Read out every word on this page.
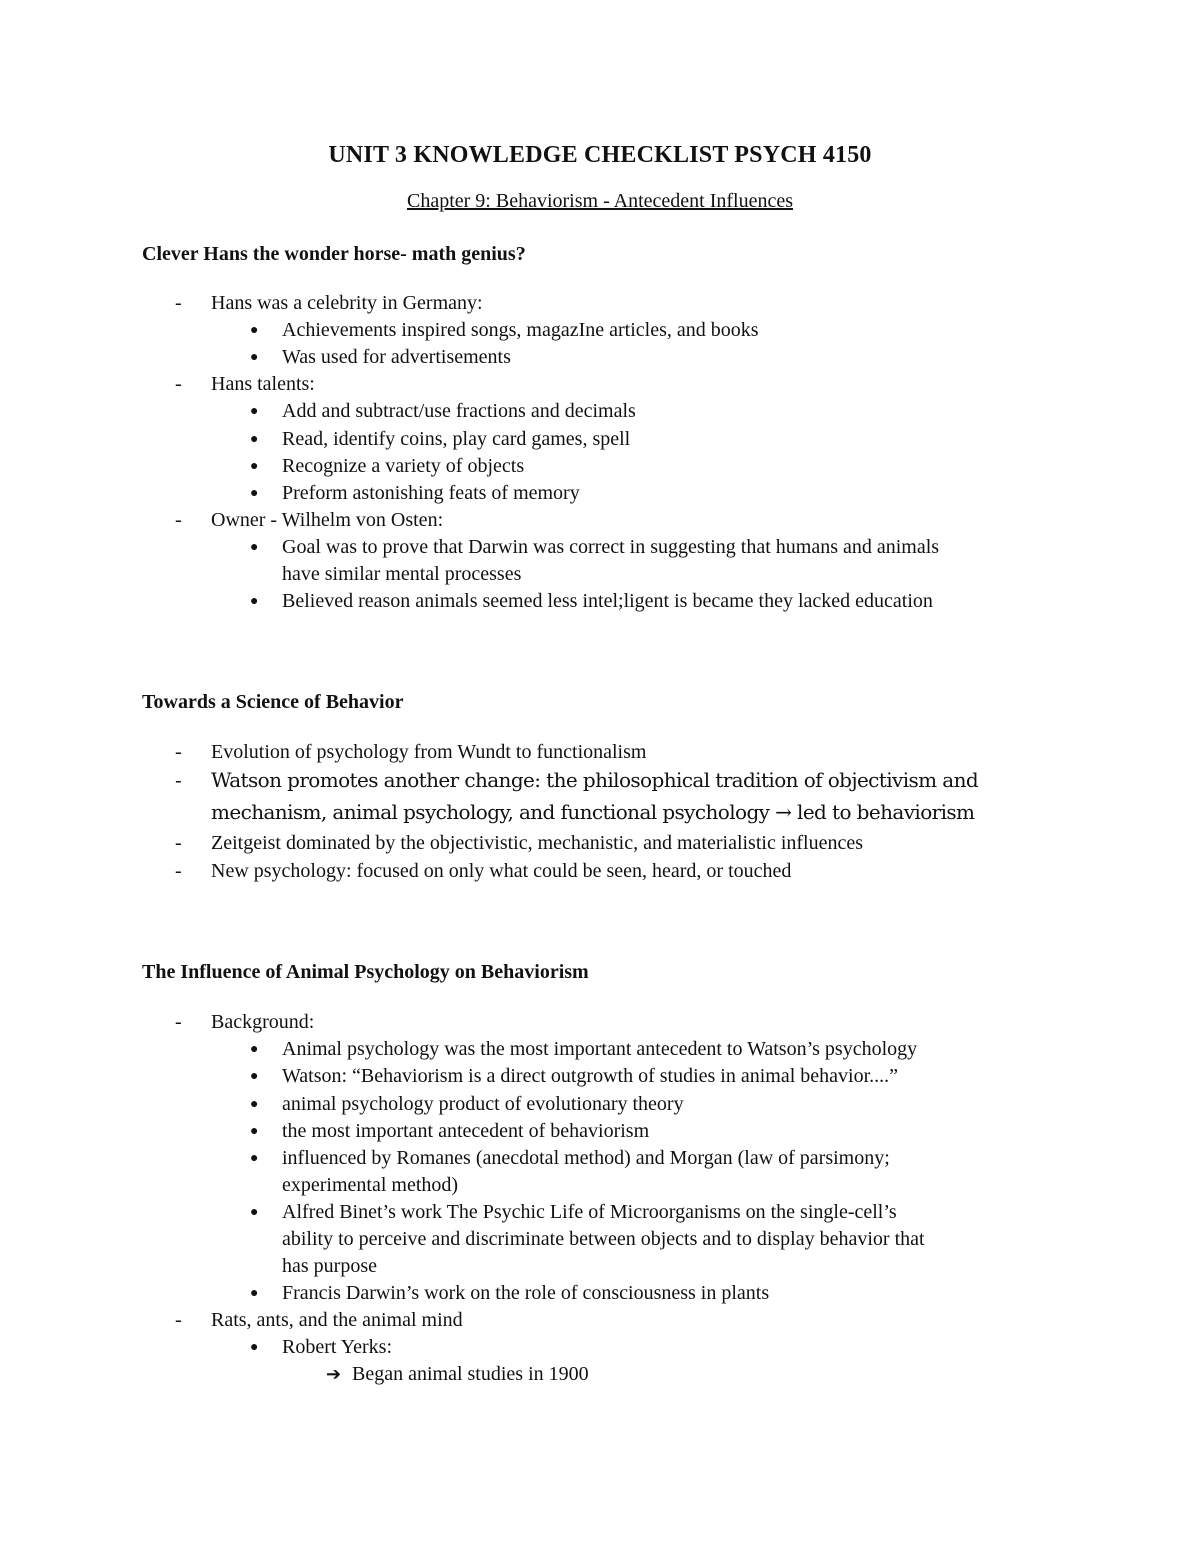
UNIT 3 KNOWLEDGE CHECKLIST PSYCH 4150
Chapter 9: Behaviorism - Antecedent Influences
Clever Hans the wonder horse- math genius?
- Hans was a celebrity in Germany:
● Achievements inspired songs, magazIne articles, and books
● Was used for advertisements
- Hans talents:
● Add and subtract/use fractions and decimals
● Read, identify coins, play card games, spell
● Recognize a variety of objects
● Preform astonishing feats of memory
- Owner - Wilhelm von Osten:
● Goal was to prove that Darwin was correct in suggesting that humans and animals
have similar mental processes
● Believed reason animals seemed less intel;ligent is became they lacked education
Towards a Science of Behavior
- Evolution of psychology from Wundt to functionalism
- Watson promotes another change: the philosophical tradition of objectivism and
mechanism, animal psychology, and functional psychology → led to behaviorism
- Zeitgeist dominated by the objectivistic, mechanistic, and materialistic influences
- New psychology: focused on only what could be seen, heard, or touched
The Influence of Animal Psychology on Behaviorism
- Background:
● Animal psychology was the most important antecedent to Watson’s psychology
● Watson: “Behaviorism is a direct outgrowth of studies in animal behavior....”
● animal psychology product of evolutionary theory
● the most important antecedent of behaviorism
● influenced by Romanes (anecdotal method) and Morgan (law of parsimony;
experimental method)
● Alfred Binet’s work The Psychic Life of Microorganisms on the single-cell’s
ability to perceive and discriminate between objects and to display behavior that
has purpose
● Francis Darwin’s work on the role of consciousness in plants
- Rats, ants, and the animal mind
● Robert Yerks:
➔ Began animal studies in 1900
